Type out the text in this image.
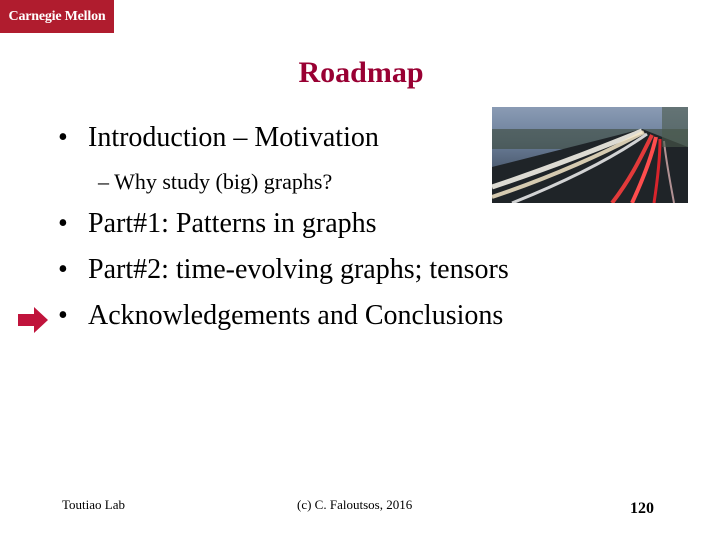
Carnegie Mellon
Roadmap
• Introduction – Motivation
– Why study (big) graphs?
• Part#1: Patterns in graphs
• Part#2: time-evolving graphs; tensors
• Acknowledgements and Conclusions
Toutiao Lab	(c) C. Faloutsos, 2016	120
